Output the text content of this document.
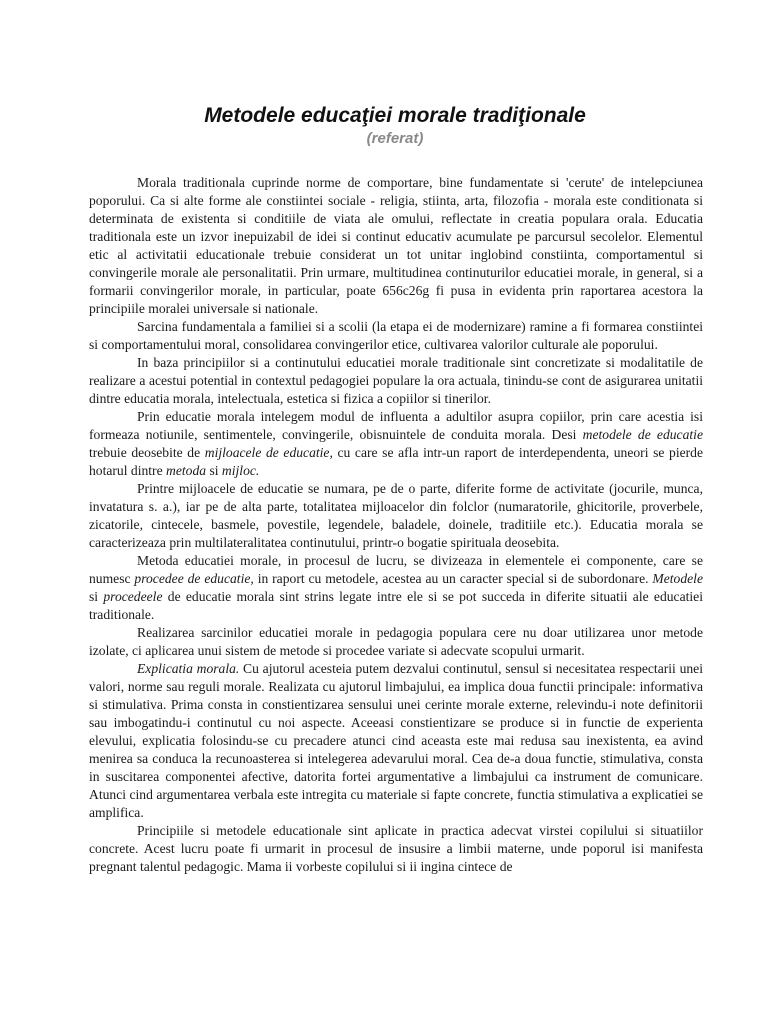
Metodele educaţiei morale tradiţionale
(referat)

Morala traditionala cuprinde norme de comportare, bine fundamentate si 'cerute' de intelepciunea poporului. Ca si alte forme ale constiintei sociale - religia, stiinta, arta, filozofia - morala este conditionata si determinata de existenta si conditiile de viata ale omului, reflectate in creatia populara orala. Educatia traditionala este un izvor inepuizabil de idei si continut educativ acumulate pe parcursul secolelor. Elementul etic al activitatii educationale trebuie considerat un tot unitar inglobind constiinta, comportamentul si convingerile morale ale personalitatii. Prin urmare, multitudinea continuturilor educatiei morale, in general, si a formarii convingerilor morale, in particular, poate 656c26g fi pusa in evidenta prin raportarea acestora la principiile moralei universale si nationale.

Sarcina fundamentala a familiei si a scolii (la etapa ei de modernizare) ramine a fi formarea constiintei si comportamentului moral, consolidarea convingerilor etice, cultivarea valorilor culturale ale poporului.

In baza principiilor si a continutului educatiei morale traditionale sint concretizate si modalitatile de realizare a acestui potential in contextul pedagogiei populare la ora actuala, tinindu-se cont de asigurarea unitatii dintre educatia morala, intelectuala, estetica si fizica a copiilor si tinerilor.

Prin educatie morala intelegem modul de influenta a adultilor asupra copiilor, prin care acestia isi formeaza notiunile, sentimentele, convingerile, obisnuintele de conduita morala. Desi metodele de educatie trebuie deosebite de mijloacele de educatie, cu care se afla intr-un raport de interdependenta, uneori se pierde hotarul dintre metoda si mijloc.

Printre mijloacele de educatie se numara, pe de o parte, diferite forme de activitate (jocurile, munca, invatatura s. a.), iar pe de alta parte, totalitatea mijloacelor din folclor (numaratorile, ghicitorile, proverbele, zicatorile, cintecele, basmele, povestile, legendele, baladele, doinele, traditiile etc.). Educatia morala se caracterizeaza prin multilateralitatea continutului, printr-o bogatie spirituala deosebita.

Metoda educatiei morale, in procesul de lucru, se divizeaza in elementele ei componente, care se numesc procedee de educatie, in raport cu metodele, acestea au un caracter special si de subordonare. Metodele si procedeele de educatie morala sint strins legate intre ele si se pot succeda in diferite situatii ale educatiei traditionale.

Realizarea sarcinilor educatiei morale in pedagogia populara cere nu doar utilizarea unor metode izolate, ci aplicarea unui sistem de metode si procedee variate si adecvate scopului urmarit.

Explicatia morala. Cu ajutorul acesteia putem dezvalui continutul, sensul si necesitatea respectarii unei valori, norme sau reguli morale. Realizata cu ajutorul limbajului, ea implica doua functii principale: informativa si stimulativa. Prima consta in constientizarea sensului unei cerinte morale externe, relevindu-i note definitorii sau imbogatindu-i continutul cu noi aspecte. Aceeasi constientizare se produce si in functie de experienta elevului, explicatia folosindu-se cu precadere atunci cind aceasta este mai redusa sau inexistenta, ea avind menirea sa conduca la recunoasterea si intelegerea adevarului moral. Cea de-a doua functie, stimulativa, consta in suscitarea componentei afective, datorita fortei argumentative a limbajului ca instrument de comunicare. Atunci cind argumentarea verbala este intregita cu materiale si fapte concrete, functia stimulativa a explicatiei se amplifica.

Principiile si metodele educationale sint aplicate in practica adecvat virstei copilului si situatiilor concrete. Acest lucru poate fi urmarit in procesul de insusire a limbii materne, unde poporul isi manifesta pregnant talentul pedagogic. Mama ii vorbeste copilului si ii ingina cintece de
